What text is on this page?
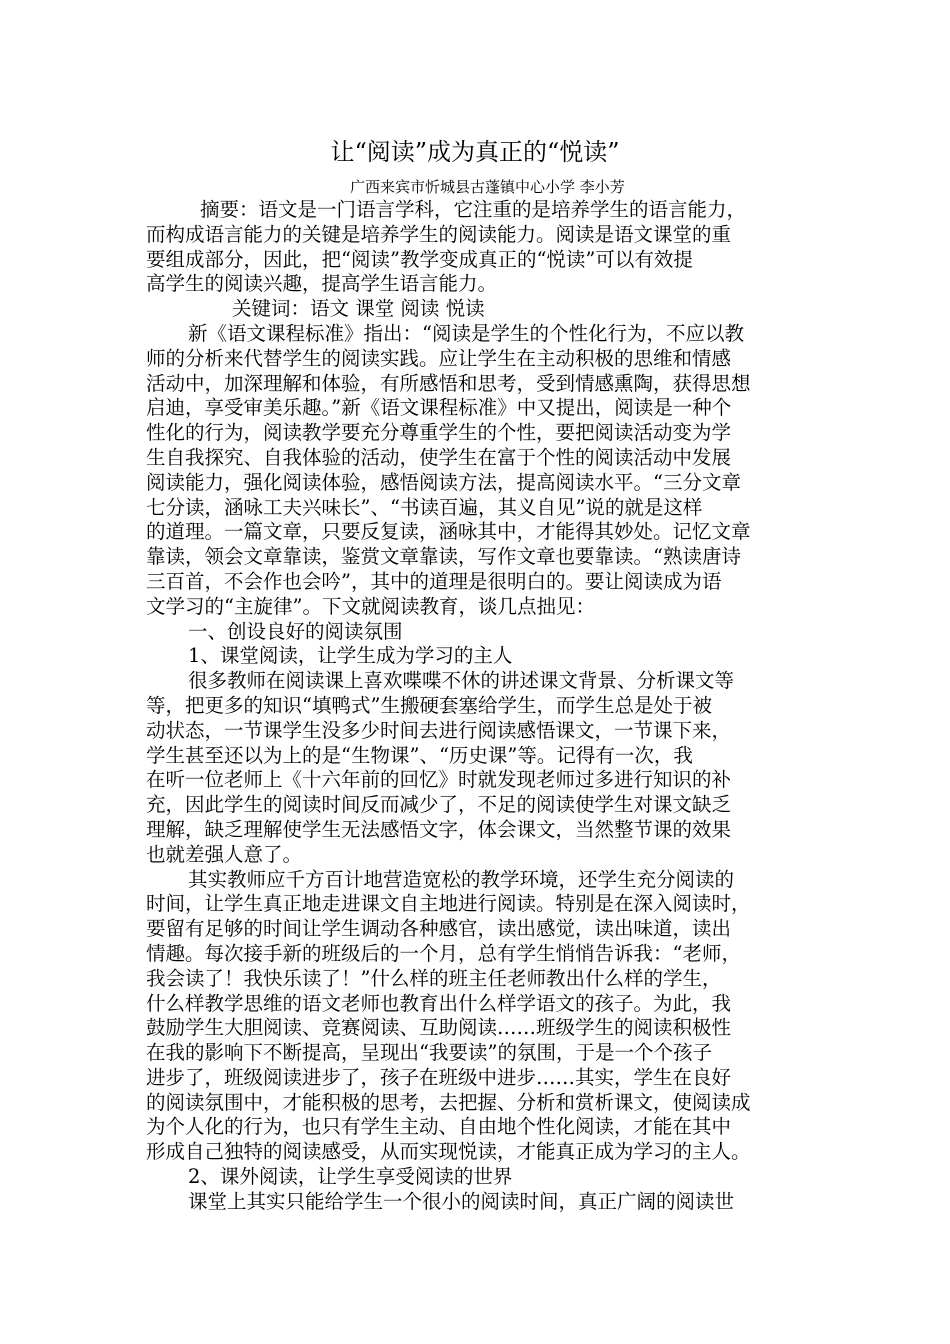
让“阅读”成为真正的“悦读”
广西来宾市忻城县古蓬镇中心小学 李小芳
摘要：语文是一门语言学科，它注重的是培养学生的语言能力，
而构成语言能力的关键是培养学生的阅读能力。阅读是语文课堂的重
要组成部分，因此，把“阅读”教学变成真正的“悦读”可以有效提
高学生的阅读兴趣，提高学生语言能力。
关键词：语文 课堂 阅读 悦读
新《语文课程标准》指出：“阅读是学生的个性化行为，不应以教
师的分析来代替学生的阅读实践。应让学生在主动积极的思维和情感
活动中，加深理解和体验，有所感悟和思考，受到情感熏陶，获得思想
启迪，享受审美乐趣。”新《语文课程标准》中又提出，阅读是一种个
性化的行为，阅读教学要充分尊重学生的个性，要把阅读活动变为学
生自我探究、自我体验的活动，使学生在富于个性的阅读活动中发展
阅读能力，强化阅读体验，感悟阅读方法，提高阅读水平。“三分文章
七分读，涵咏工夫兴味长”、“书读百遍，其义自见”说的就是这样
的道理。一篇文章，只要反复读，涵咏其中，才能得其妙处。记忆文章
靠读，领会文章靠读，鉴赏文章靠读，写作文章也要靠读。“熟读唐诗
三百首，不会作也会吟”，其中的道理是很明白的。要让阅读成为语
文学习的“主旋律”。下文就阅读教育，谈几点拙见：
一、创设良好的阅读氛围
1、课堂阅读，让学生成为学习的主人
很多教师在阅读课上喜欢喋喋不休的讲述课文背景、分析课文等
等，把更多的知识“填鸭式”生搬硬套塞给学生，而学生总是处于被
动状态，一节课学生没多少时间去进行阅读感悟课文，一节课下来，
学生甚至还以为上的是“生物课”、“历史课”等。记得有一次，我
在听一位老师上《十六年前的回忆》时就发现老师过多进行知识的补
充，因此学生的阅读时间反而减少了，不足的阅读使学生对课文缺乏
理解，缺乏理解使学生无法感悟文字，体会课文，当然整节课的效果
也就差强人意了。
其实教师应千方百计地营造宽松的教学环境，还学生充分阅读的
时间，让学生真正地走进课文自主地进行阅读。特别是在深入阅读时，
要留有足够的时间让学生调动各种感官，读出感觉，读出味道，读出
情趣。每次接手新的班级后的一个月，总有学生悄悄告诉我：“老师，
我会读了！我快乐读了！”什么样的班主任老师教出什么样的学生，
什么样教学思维的语文老师也教育出什么样学语文的孩子。为此，我
鼓励学生大胆阅读、竞赛阅读、互助阅读……班级学生的阅读积极性
在我的影响下不断提高，呈现出“我要读”的氛围，于是一个个孩子
进步了，班级阅读进步了，孩子在班级中进步……其实，学生在良好
的阅读氛围中，才能积极的思考，去把握、分析和赏析课文，使阅读成
为个人化的行为，也只有学生主动、自由地个性化阅读，才能在其中
形成自己独特的阅读感受，从而实现悦读，才能真正成为学习的主人。
2、课外阅读，让学生享受阅读的世界
课堂上其实只能给学生一个很小的阅读时间，真正广阔的阅读世
